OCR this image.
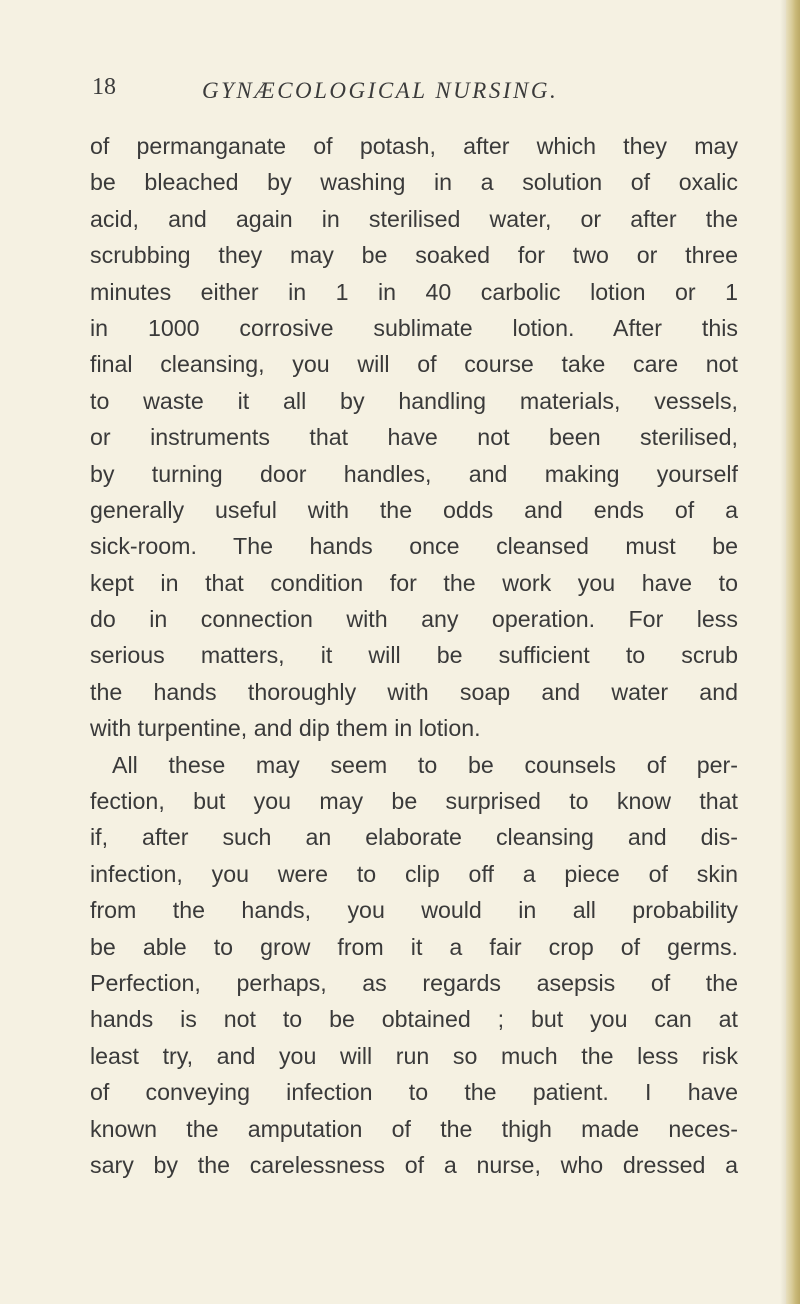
18	GYNÆCOLOGICAL NURSING.
of permanganate of potash, after which they may
be bleached by washing in a solution of oxalic
acid, and again in sterilised water, or after the
scrubbing they may be soaked for two or three
minutes either in 1 in 40 carbolic lotion or 1
in 1000 corrosive sublimate lotion. After this
final cleansing, you will of course take care not
to waste it all by handling materials, vessels,
or instruments that have not been sterilised,
by turning door handles, and making yourself
generally useful with the odds and ends of a
sick-room. The hands once cleansed must be
kept in that condition for the work you have to
do in connection with any operation. For less
serious matters, it will be sufficient to scrub
the hands thoroughly with soap and water and
with turpentine, and dip them in lotion.
All these may seem to be counsels of per-
fection, but you may be surprised to know that
if, after such an elaborate cleansing and dis-
infection, you were to clip off a piece of skin
from the hands, you would in all probability
be able to grow from it a fair crop of germs.
Perfection, perhaps, as regards asepsis of the
hands is not to be obtained ; but you can at
least try, and you will run so much the less risk
of conveying infection to the patient. I have
known the amputation of the thigh made neces-
sary by the carelessness of a nurse, who dressed a
